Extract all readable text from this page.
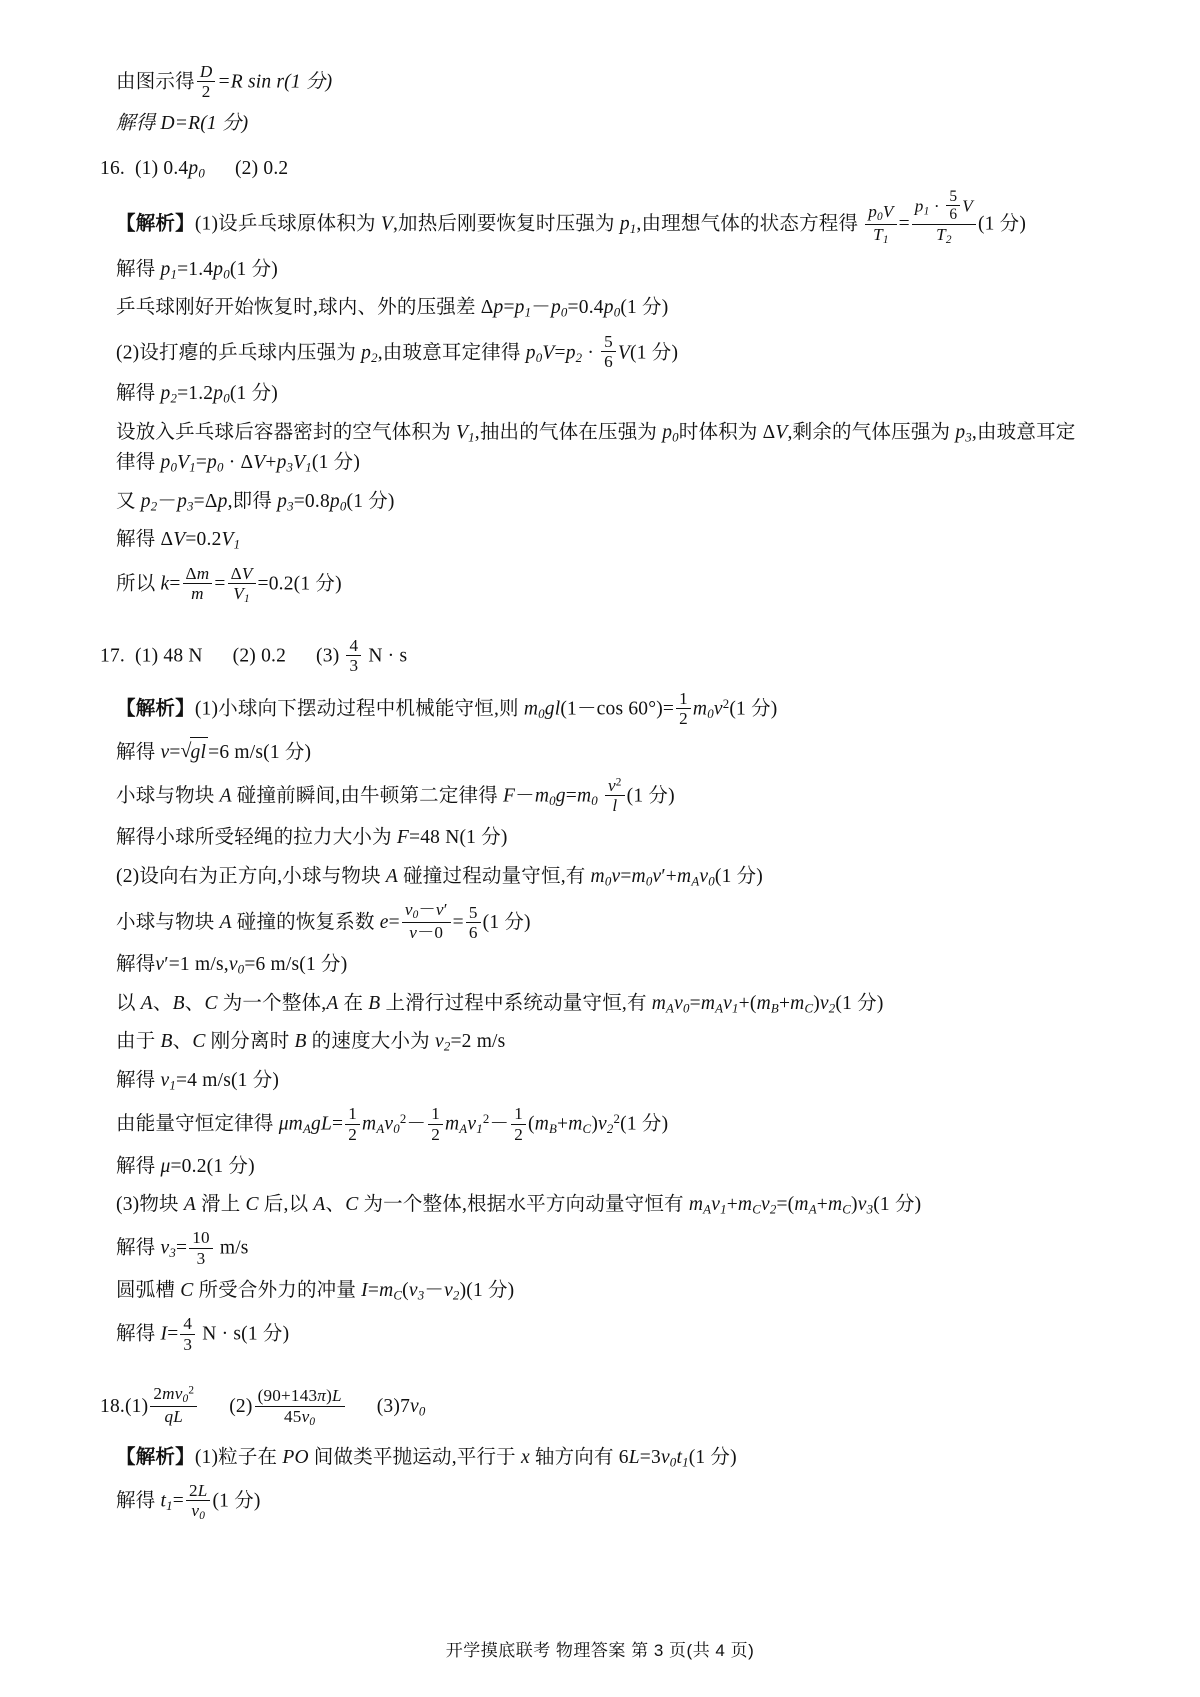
由图示得 $\frac{D}{2} =R$ sin r(1 分)
解得 D=R(1 分)
16. (1) $0.4p_0$ (2) 0.2
【解析】(1)设乒乓球原体积为 V,加热后刚要恢复时压强为 $p_1$,由理想气体的状态方程得 $\frac{p_0V}{T_1} = \frac{p_1 \cdot \frac{5}{6} V}{T_2} (1$ 分)
解得 $p_1=1.4p_0(1$ 分)
乒乓球刚好开始恢复时,球内、外的压强差 $\Delta p=p_1-p_0=0.4p_0(1$ 分)
(2)设打瘪的乒乓球内压强为 $p_2$,由玻意耳定律得 $p_0V=p_2 \cdot \frac{5}{6} V(1$ 分)
解得 $p_2=1.2p_0(1$ 分)
设放入乒乓球后容器密封的空气体积为 $V_1$,抽出的气体在压强为 $p_0$时体积为 ΔV,剩余的气体压强为 $p_3$,由玻意耳定律得 $p_0V_1=p_0 \cdot \Delta V+p_3V_1(1$ 分)
又 $p_2-p_3=\Delta p$,即得 $p_3=0.8p_0(1$ 分)
解得 $\Delta V=0.2V_1$
所以 $k= \frac{\Delta m}{m} = \frac{\Delta V}{V_1} =0.2(1$ 分)
17. (1) 48 N (2) 0.2 $(3) \frac{4}{3}$ N · s
【解析】(1)小球向下摆动过程中机械能守恒,则 $m_0gl(1-\cos$ $60^\circ)= \frac{1}{2} m_0v^2(1$ 分)
解得 v= √ gl =6 m/s(1 分)
小球与物块 A 碰撞前瞬间,由牛顿第二定律得 $F-m_0g=m_0 \frac{v^2}{l} (1$ 分)
解得小球所受轻绳的拉力大小为 F=48 N(1 分)
(2)设向右为正方向,小球与物块 A 碰撞过程动量守恒,有 $m_0v=m_0v'+m_Av_0(1$ 分)
小球与物块 A 碰撞的恢复系数 $e= \frac{v_0-v'}{v-0} = \frac{5}{6} (1$ 分)
解得v′=1 $m/s,v_0=6$ m/s(1 分)
以 A、B、C 为一个整体,A 在 B 上滑行过程中系统动量守恒,有 $m_Av_0=m_Av_1+(m_B+m_C)v_2(1$ 分)
由于 B、C 刚分离时 B 的速度大小为 $v_2=2$ m/s
解得 $v_1=4$ m/s(1 分)
由能量守恒定律得 $\mu m_AgL= \frac{1}{2} m_Av_0^2- \frac{1}{2} m_Av_1^2- \frac{1}{2} (m_B+m_C)v_2^2(1$ 分)
解得 μ=0.2(1 分)
(3)物块 A 滑上 C 后,以 A、C 为一个整体,根据水平方向动量守恒有 $m_Av_1+m_Cv_2=(m_A+m_C)v_3(1$ 分)
解得 $v_3= \frac{10}{3} m/s$
圆弧槽 C 所受合外力的冲量 $I=m_C(v_3-v_2)(1$ 分)
解得 $I= \frac{4}{3}$ N · s(1 分)
$18.(1) \frac{2mv_0^2}{qL} (2) \frac{(90+143\pi)L}{45v_0} (3)7v_0$
【解析】(1)粒子在 PO 间做类平抛运动,平行于 x 轴方向有 $6L=3v_0t_1(1$ 分)
解得 $t_1= \frac{2L}{v_0} (1$ 分)
开学摸底联考 物理答案 第 3 页(共 4 页)
